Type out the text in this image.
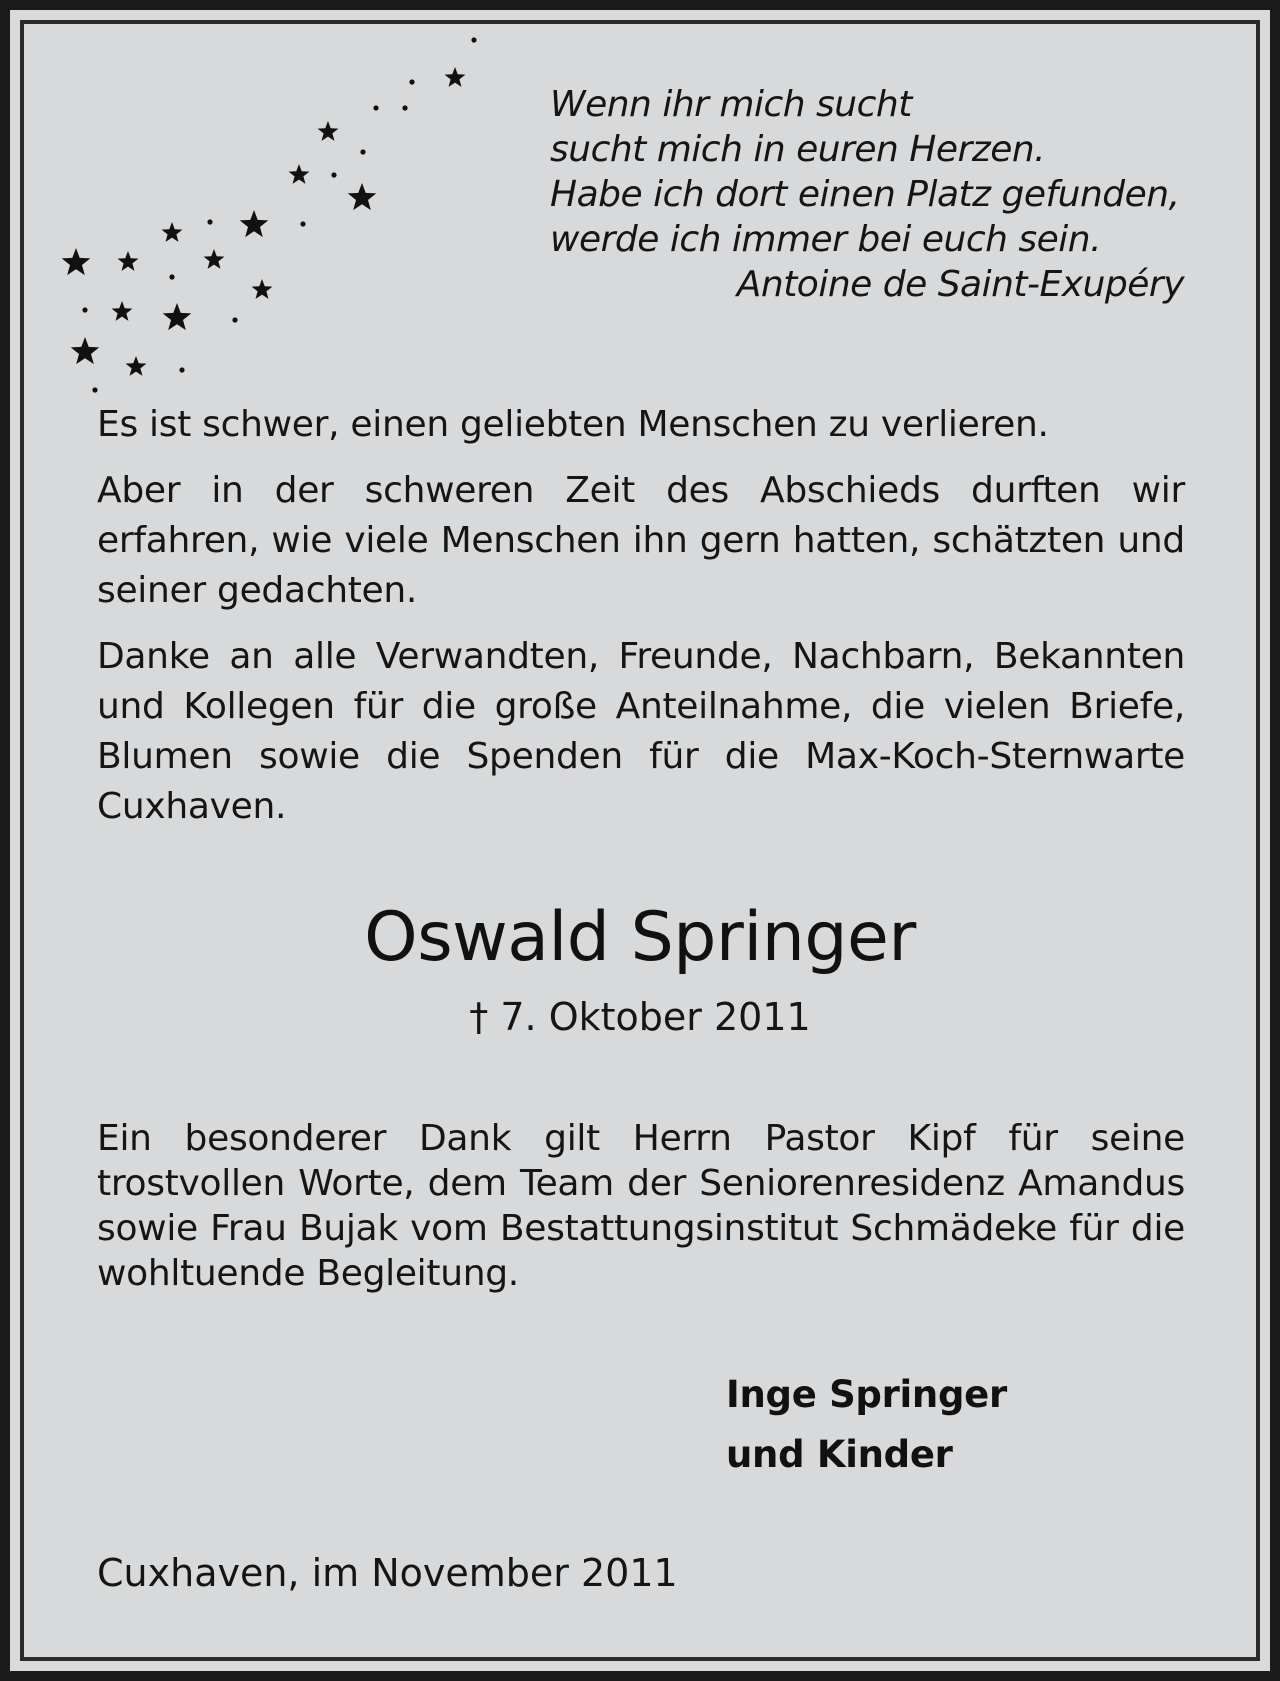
Wenn ihr mich sucht
sucht mich in euren Herzen.
Habe ich dort einen Platz gefunden,
werde ich immer bei euch sein.
Antoine de Saint-Exupéry
Es ist schwer, einen geliebten Menschen zu verlieren.
Aber in der schweren Zeit des Abschieds durften wir erfahren, wie viele Menschen ihn gern hatten, schätzten und seiner gedachten.
Danke an alle Verwandten, Freunde, Nachbarn, Bekannten und Kollegen für die große Anteilnahme, die vielen Briefe, Blumen sowie die Spenden für die Max-Koch-Sternwarte Cuxhaven.
Oswald Springer
† 7. Oktober 2011
Ein besonderer Dank gilt Herrn Pastor Kipf für seine trostvollen Worte, dem Team der Seniorenresidenz Amandus sowie Frau Bujak vom Bestattungsinstitut Schmädeke für die wohltuende Begleitung.
Inge Springer
und Kinder
Cuxhaven, im November 2011
